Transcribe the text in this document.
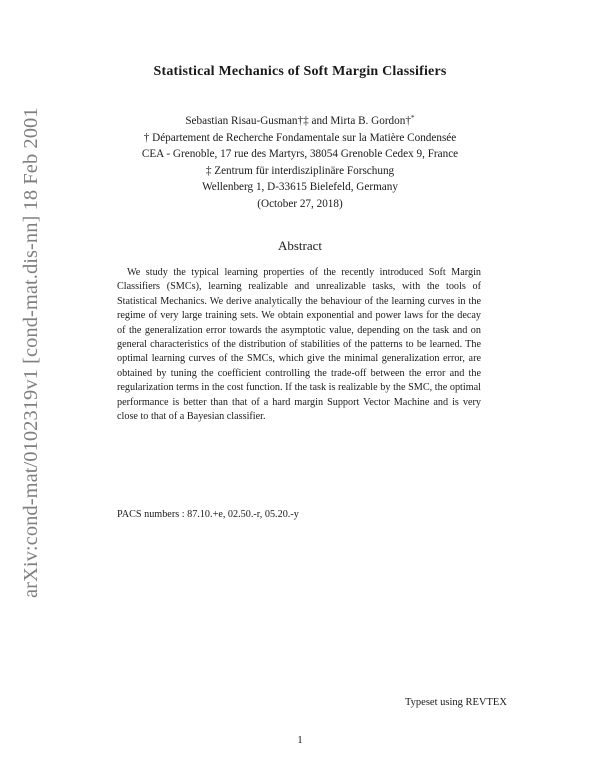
arXiv:cond-mat/0102319v1 [cond-mat.dis-nn] 18 Feb 2001
Statistical Mechanics of Soft Margin Classifiers
Sebastian Risau-Gusman†‡ and Mirta B. Gordon†*
† Département de Recherche Fondamentale sur la Matière Condensée
CEA - Grenoble, 17 rue des Martyrs, 38054 Grenoble Cedex 9, France
‡ Zentrum für interdisziplinäre Forschung
Wellenberg 1, D-33615 Bielefeld, Germany
(October 27, 2018)
Abstract

We study the typical learning properties of the recently introduced Soft Margin Classifiers (SMCs), learning realizable and unrealizable tasks, with the tools of Statistical Mechanics. We derive analytically the behaviour of the learning curves in the regime of very large training sets. We obtain exponential and power laws for the decay of the generalization error towards the asymptotic value, depending on the task and on general characteristics of the distribution of stabilities of the patterns to be learned. The optimal learning curves of the SMCs, which give the minimal generalization error, are obtained by tuning the coefficient controlling the trade-off between the error and the regularization terms in the cost function. If the task is realizable by the SMC, the optimal performance is better than that of a hard margin Support Vector Machine and is very close to that of a Bayesian classifier.

PACS numbers : 87.10.+e, 02.50.-r, 05.20.-y
Typeset using REVTEX
1
